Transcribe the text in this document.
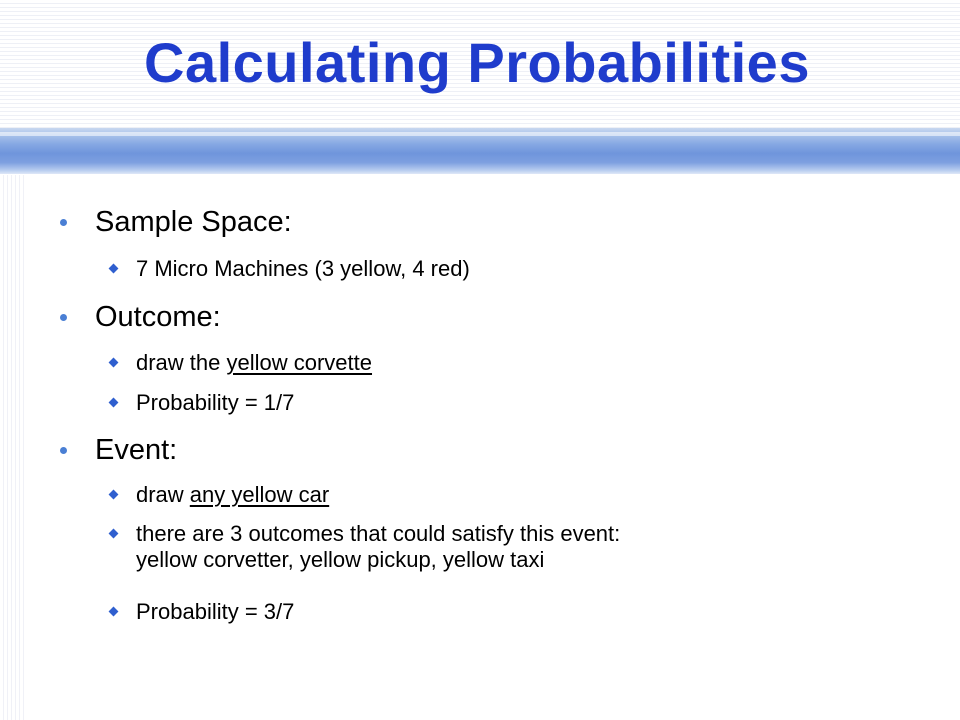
Calculating Probabilities
Sample Space:
7 Micro Machines (3 yellow, 4 red)
Outcome:
draw the yellow corvette
Probability = 1/7
Event:
draw any yellow car
there are 3 outcomes that could satisfy this event:
yellow corvetter, yellow pickup, yellow taxi
Probability = 3/7
